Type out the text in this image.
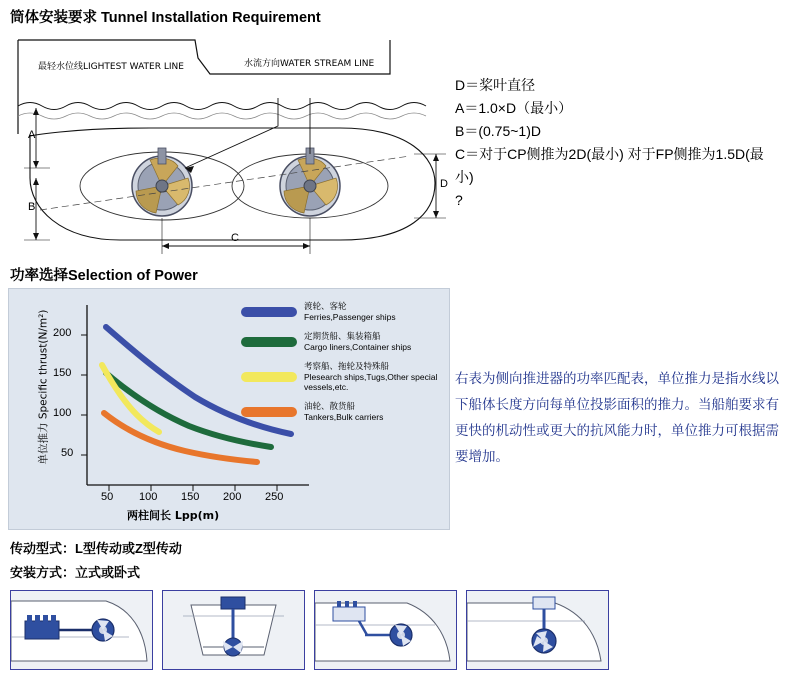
筒体安装要求 Tunnel Installation Requirement
最轻水位线LIGHTEST WATER LINE	水流方向WATER STREAM LINE
A
B
C
D
D＝桨叶直径
A＝1.0×D（最小）
B＝(0.75~1)D
C＝对于CP侧推为2D(最小) 对于FP侧推为1.5D(最小)
?
功率选择Selection of Power
200
150
100
50
50 100 150 200 250
单位推力 Specific thrust(N/m²)
两柱间长 Lpp(m)
渡轮、客轮
Ferries,Passenger ships
定期货船、集装箱船
Cargo liners,Container ships
考察船、拖轮及特殊船
Plesearch ships,Tugs,Other special vessels,etc.
油轮、散货船
Tankers,Bulk carriers
右表为侧向推进器的功率匹配表，单位推力是指水线以下船体长度方向每单位投影面积的推力。当船舶要求有更快的机动性或更大的抗风能力时，单位推力可根据需要增加。
传动型式：L型传动或Z型传动
安装方式：立式或卧式
